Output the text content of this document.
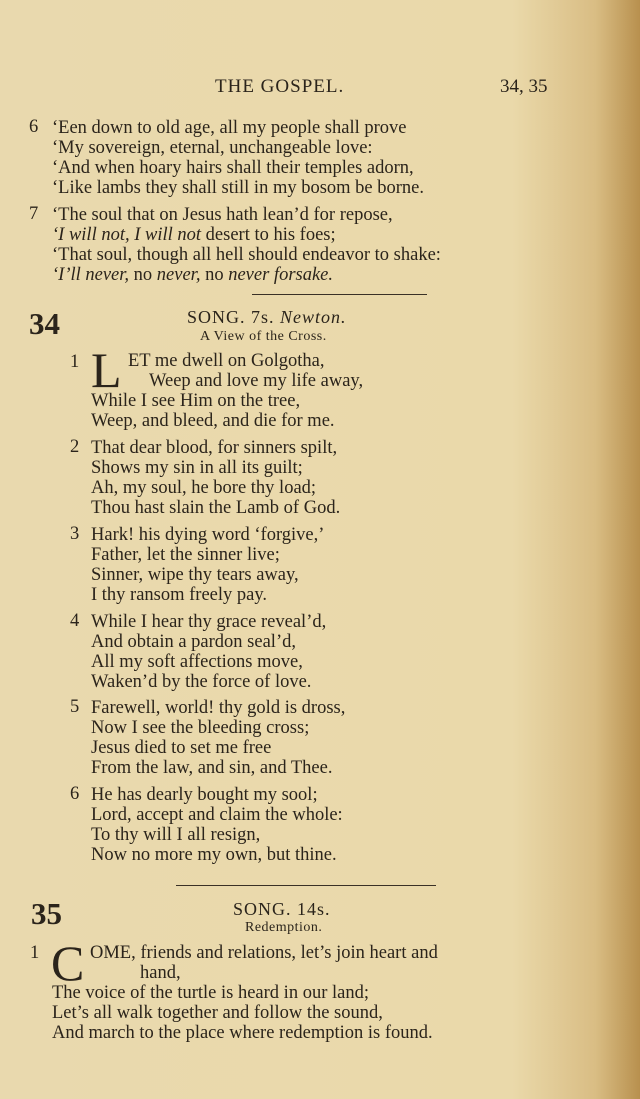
THE GOSPEL.	34, 35
6 ‘Een down to old age, all my people shall prove
‘My sovereign, eternal, unchangeable love:
‘And when hoary hairs shall their temples adorn,
‘Like lambs they shall still in my bosom be borne.
7 ‘The soul that on Jesus hath lean’d for repose,
‘I will not, I will not desert to his foes;
‘That soul, though all hell should endeavor to shake:
‘I’ll never, no never, no never forsake.
34	SONG. 7s. Newton.
A View of the Cross.
1 L ET me dwell on Golgotha,
Weep and love my life away,
While I see Him on the tree,
Weep, and bleed, and die for me.
2 That dear blood, for sinners spilt,
Shows my sin in all its guilt;
Ah, my soul, he bore thy load;
Thou hast slain the Lamb of God.
3 Hark! his dying word ‘forgive,’
Father, let the sinner live;
Sinner, wipe thy tears away,
I thy ransom freely pay.
4 While I hear thy grace reveal’d,
And obtain a pardon seal’d,
All my soft affections move,
Waken’d by the force of love.
5 Farewell, world! thy gold is dross,
Now I see the bleeding cross;
Jesus died to set me free
From the law, and sin, and Thee.
6 He has dearly bought my sool;
Lord, accept and claim the whole:
To thy will I all resign,
Now no more my own, but thine.
35	SONG. 14s.
Redemption.
1 C OME, friends and relations, let’s join heart and
hand,
The voice of the turtle is heard in our land;
Let’s all walk together and follow the sound,
And march to the place where redemption is found.
